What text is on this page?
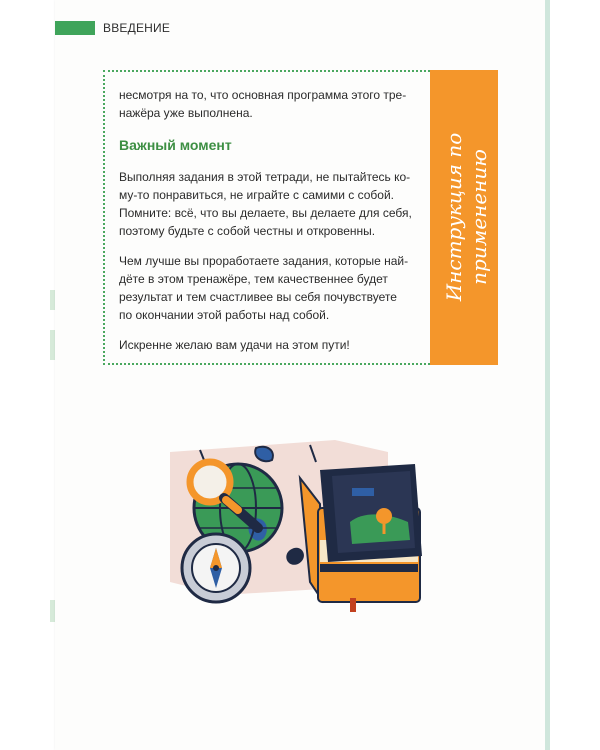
ВВЕДЕНИЕ

несмотря на то, что основная программа этого тре-
нажёра уже выполнена.

Важный момент

Выполняя задания в этой тетради, не пытайтесь ко-
му-то понравиться, не играйте с самими с собой.
Помните: всё, что вы делаете, вы делаете для себя,
поэтому будьте с собой честны и откровенны.

Чем лучше вы проработаете задания, которые най-
дёте в этом тренажёре, тем качественнее будет
результат и тем счастливее вы себя почувствуете
по окончании этой работы над собой.

Искренне желаю вам удачи на этом пути!

Инструкция по применению
